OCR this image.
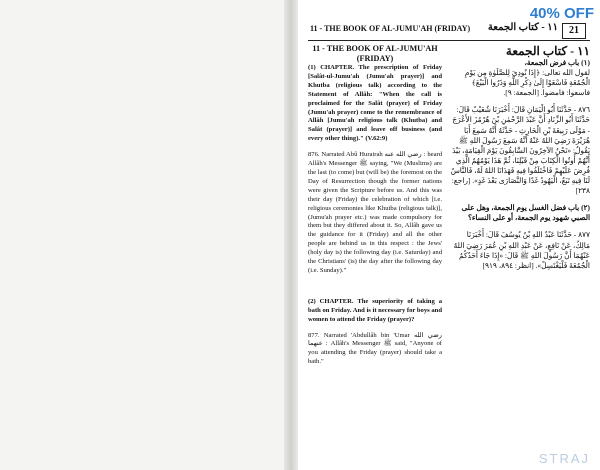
11 - THE BOOK OF AL-JUMU'AH (FRIDAY) ١١ - كتاب الجمعة	21

11 - THE BOOK OF AL-JUMU'AH (FRIDAY)

(1) CHAPTER. The prescription of Friday [Salât-ul-Jumu'ah (Jumu'ah prayer)] and Khutba (religious talk) according to the Statement of Allâh: "When the call is proclaimed for the Salât (prayer) of Friday (Jumu'ah prayer) come to the remembrance of Allâh [Jumu'ah religious talk (Khutba) and Salât (prayer)] and leave off business (and every other thing)." (V.62:9)

876. Narrated Abû Hurairah رضي الله عنه : heard Allâh's Messenger ﷺ saying, "We (Muslims) are the last (to come) but (will be) the foremost on the Day of Resurrection though the former nations were given the Scripture before us. And this was their day (Friday) the celebration of which [i.e. religious ceremonies like Khutba (religious talk)], (Jumu'ah prayer etc.) was made compulsory for them but they differed about it. So, Allâh gave us the guidance for it (Friday) and all the other people are behind us in this respect : the Jews' (holy day is) the following day (i.e. Saturday) and the Christians' (is) the day after the following day (i.e. Sunday)."

(2) CHAPTER. The superiority of taking a bath on Friday. And is it necessary for boys and women to attend the Friday (prayer)?

877. Narrated 'Abdullâh bin 'Umar رضي الله عنهما : Allâh's Messenger ﷺ said, "Anyone of you attending the Friday (prayer) should take a bath."

١١ - كتاب الجمعة

(١) باب فرض الجمعة،

لقول الله تعالى: ﴿إِذَا نُودِيَ لِلصَّلَوٰةِ مِن يَوْمِ الْجُمُعَةِ فَاسْعَوْا إِلَىٰ ذِكْرِ اللَّهِ وَذَرُوا الْبَيْعَ﴾ فاسعوا: فامضوا. [الجمعة: ٩].

٨٧٦ - حَدَّثَنَا أَبُو الْيَمَانِ قَالَ: أَخْبَرَنَا شُعَيْبٌ قَالَ: حَدَّثَنَا أَبُو الزِّنَادِ أَنَّ عَبْدَ الرَّحْمٰنِ بْنَ هُرْمُزَ الأَعْرَجَ - مَوْلَى رَبِيعَةَ بْنِ الْحَارِثِ - حَدَّثَهُ أَنَّهُ سَمِعَ أَبَا هُرَيْرَةَ رَضِيَ اللهُ عَنْهُ أَنَّهُ سَمِعَ رَسُولَ اللهِ ﷺ يَقُولُ: «نَحْنُ الآخِرُونَ السَّابِقُونَ يَوْمَ الْقِيَامَةِ، بَيْدَ أَنَّهُمْ أُوتُوا الْكِتَابَ مِنْ قَبْلِنَا، ثُمَّ هَذَا يَوْمُهُمُ الَّذِي فُرِضَ عَلَيْهِمْ فَاخْتَلَفُوا فِيهِ فَهَدَانَا اللهُ لَهُ، فَالنَّاسُ لَنَا فِيهِ تَبَعٌ، الْيَهُودُ غَدًا وَالنَّصَارَى بَعْدَ غَدٍ». [راجع: ٢٣٨]

(٢) باب فضل الغسل يوم الجمعة، وهل على الصبي شهود يوم الجمعة، أو على النساء؟

٨٧٧ - حَدَّثَنَا عَبْدُ اللهِ بْنُ يُوسُفَ قَالَ: أَخْبَرَنَا مَالِكٌ، عَنْ نَافِعٍ، عَنْ عَبْدِ اللهِ بْنِ عُمَرَ رَضِيَ اللهُ عَنْهُمَا أَنَّ رَسُولَ اللهِ ﷺ قَالَ: «إِذَا جَاءَ أَحَدُكُمُ الْجُمُعَةَ فَلْيَغْتَسِلْ». [انظر: ٨٩٤، ٩١٩]

40% OFF
STRAJ
